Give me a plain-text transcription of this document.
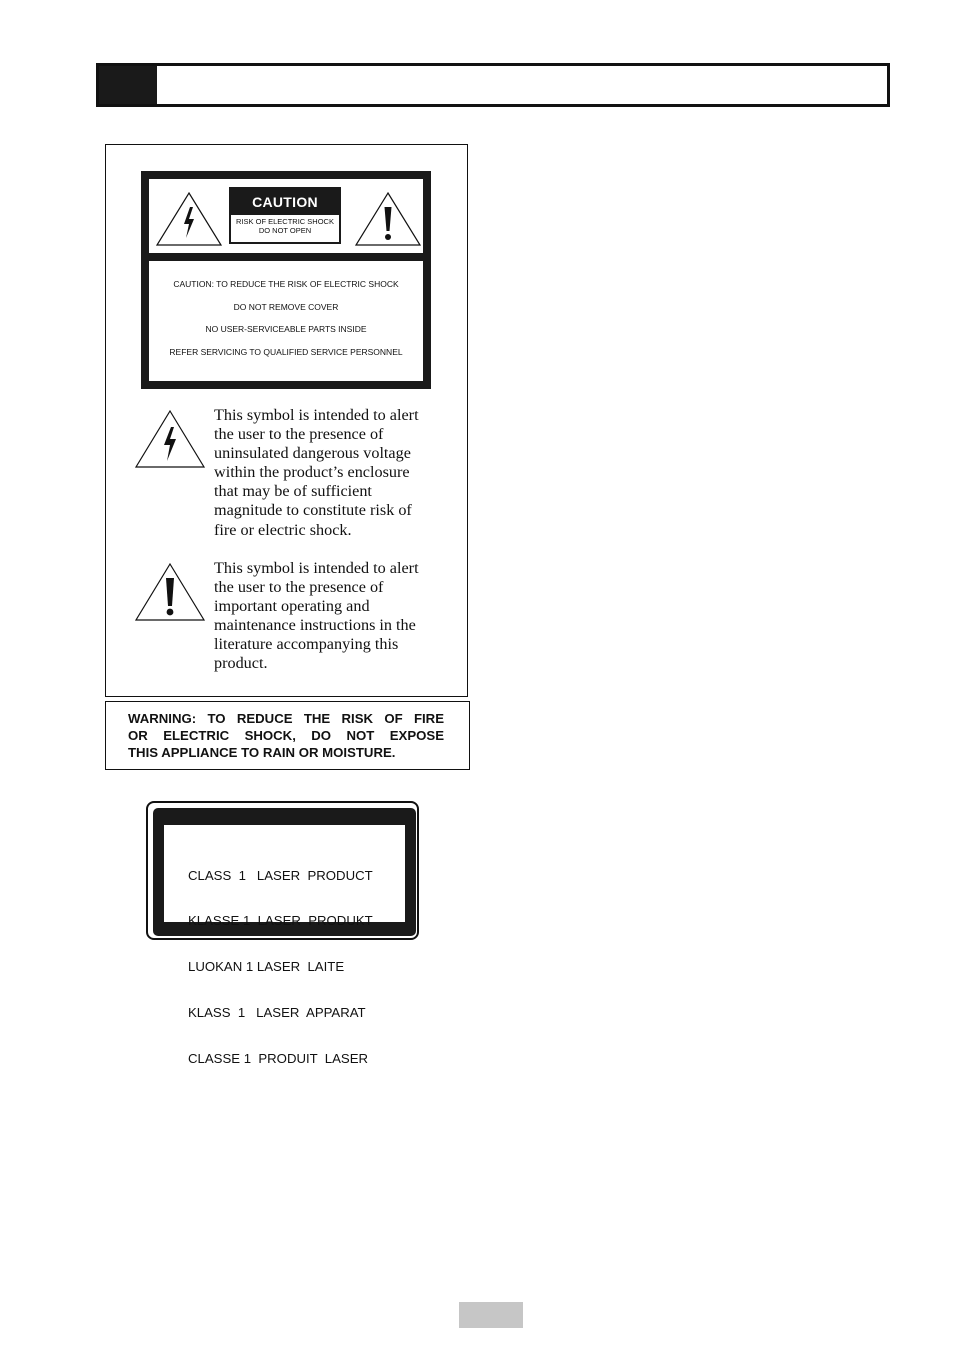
CAUTION
RISK OF ELECTRIC SHOCK
DO NOT OPEN
CAUTION: TO REDUCE THE RISK OF ELECTRIC SHOCK
DO NOT REMOVE COVER
NO USER-SERVICEABLE PARTS INSIDE
REFER SERVICING TO QUALIFIED SERVICE PERSONNEL
This symbol is intended to alert
the user to the presence of
uninsulated dangerous voltage
within the product’s enclosure
that may be of sufficient
magnitude to constitute risk of
fire or electric shock.
This symbol is intended to alert
the user to the presence of
important operating and
maintenance instructions in the
literature accompanying this
product.
WARNING: TO REDUCE THE RISK OF FIRE
OR ELECTRIC SHOCK, DO NOT EXPOSE
THIS APPLIANCE TO RAIN OR MOISTURE.

CLASS  1   LASER  PRODUCT

KLASSE 1  LASER  PRODUKT

LUOKAN 1 LASER  LAITE

KLASS  1   LASER  APPARAT

CLASSE 1  PRODUIT  LASER
